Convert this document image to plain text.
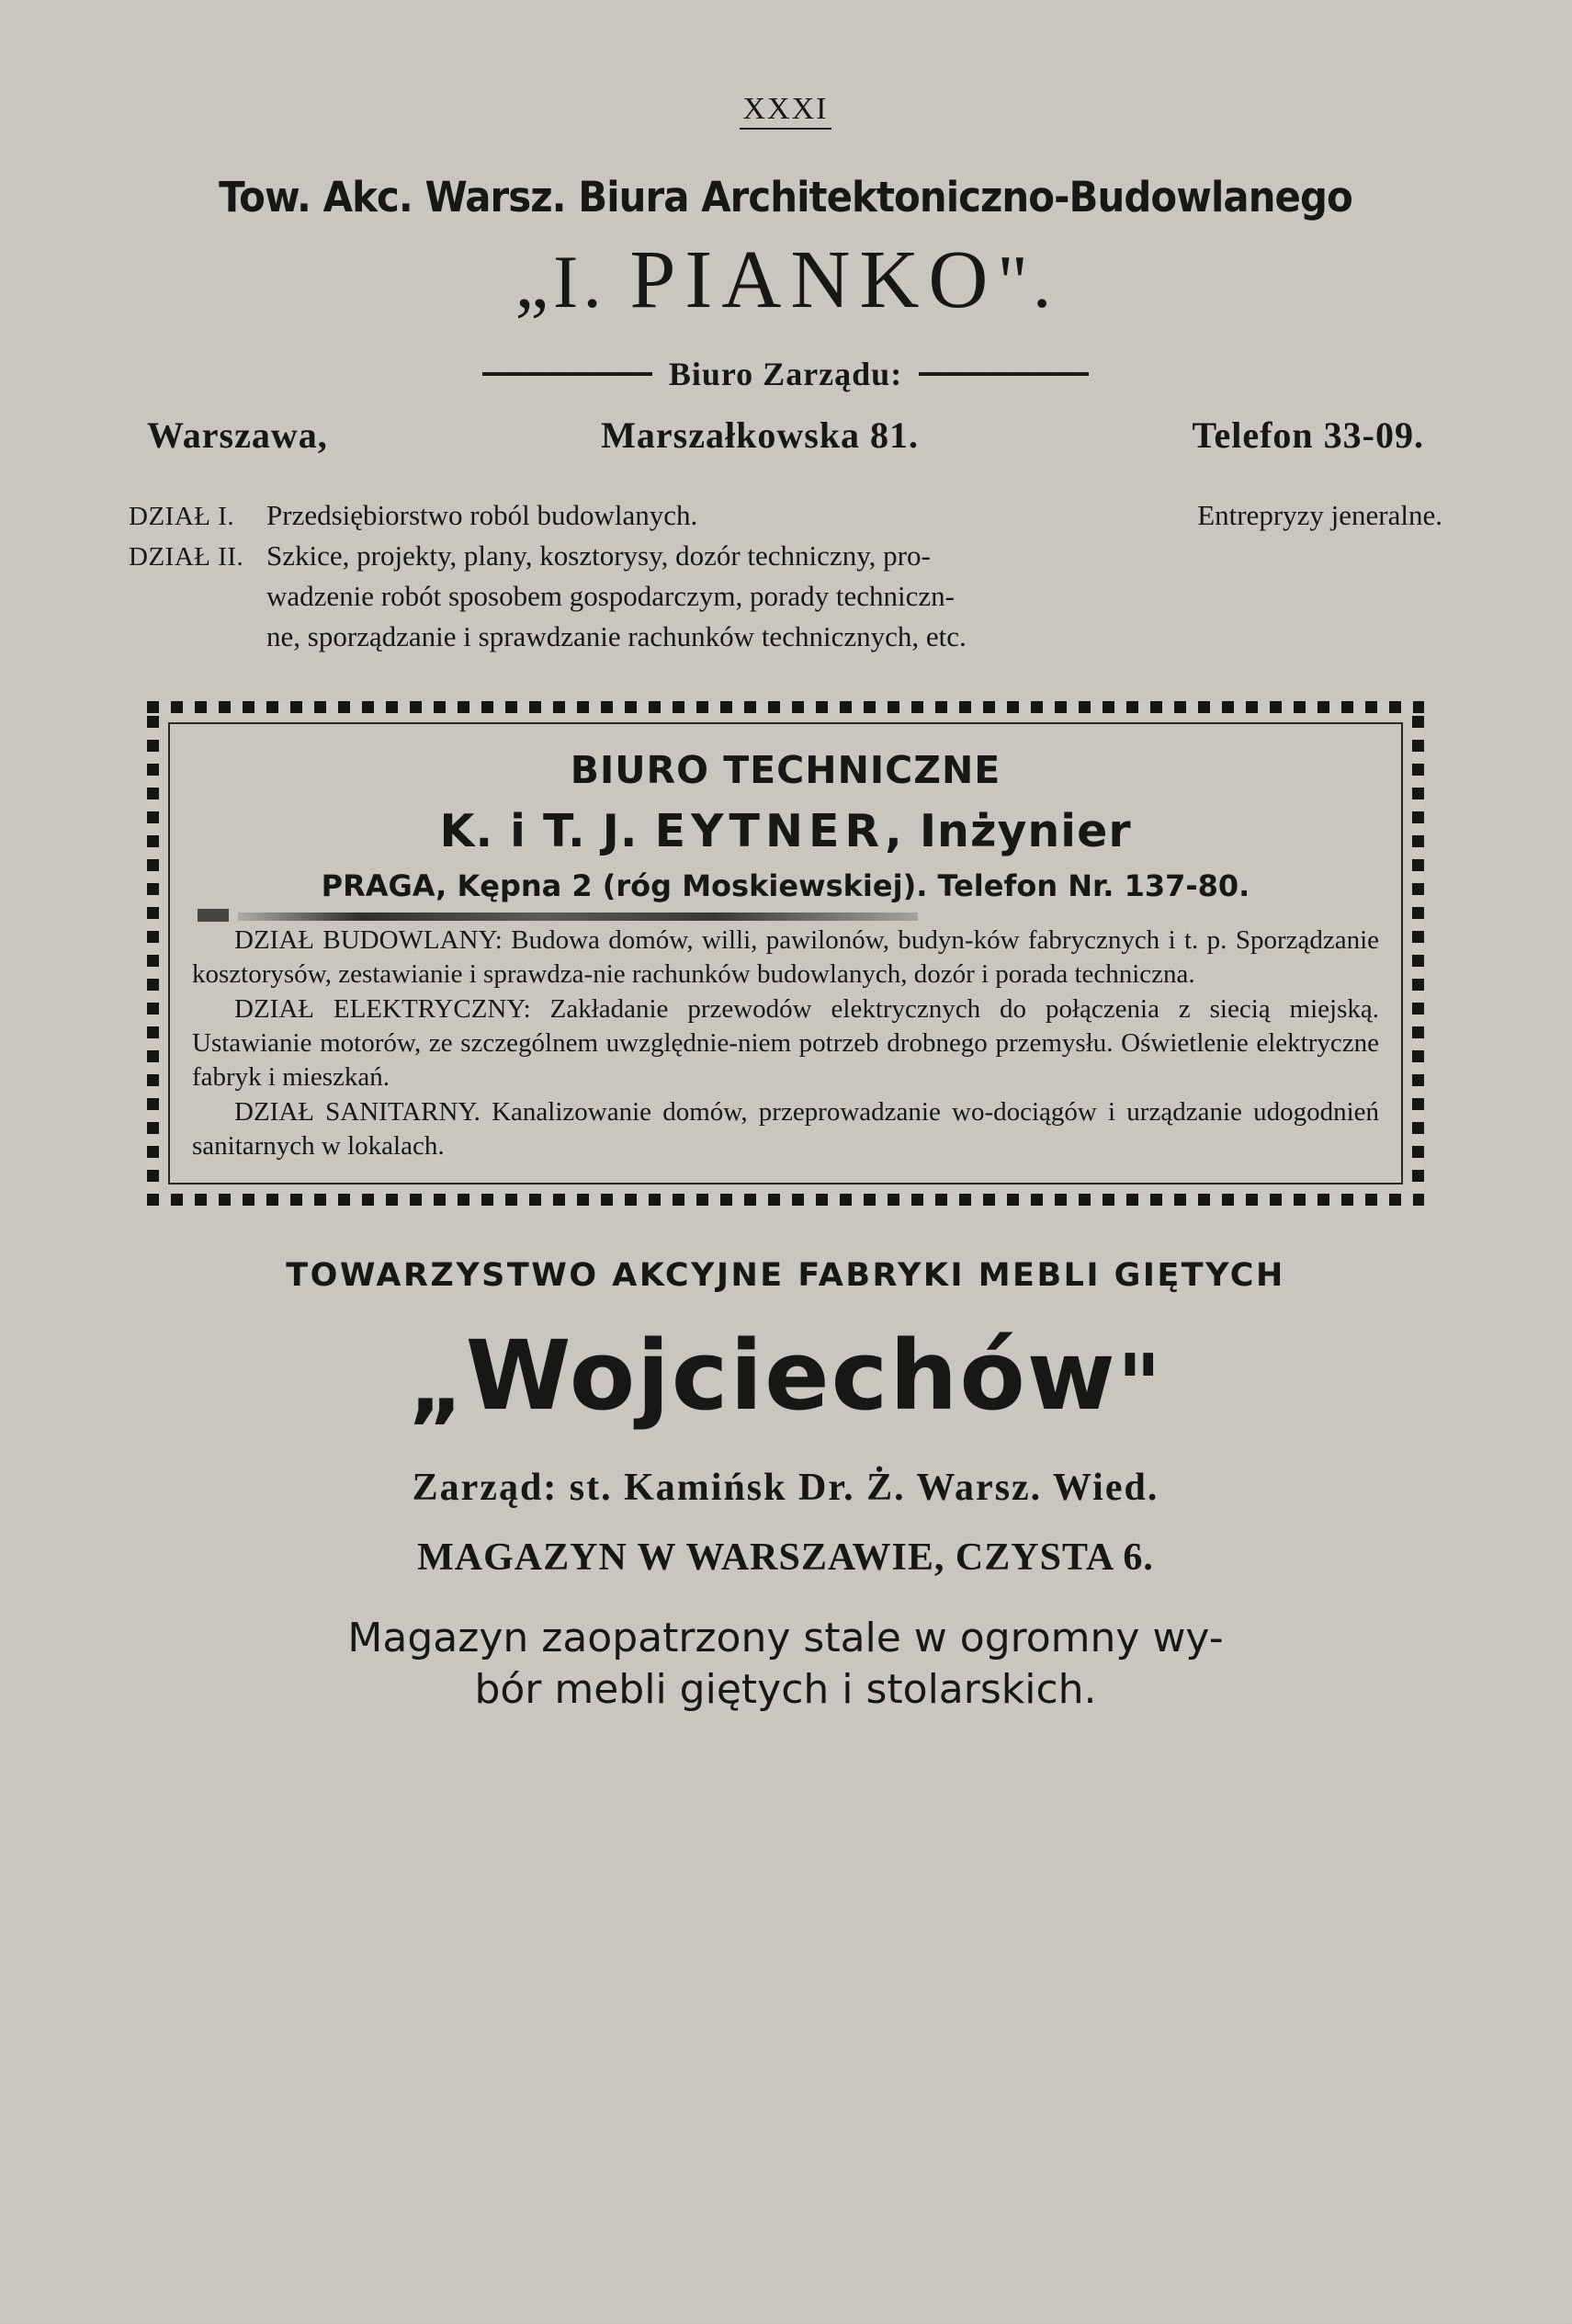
XXXI
Tow. Akc. Warsz. Biura Architektoniczno-Budowlanego
„I. PIANKO".
Biuro Zarządu:
Warszawa,	Marszałkowska 81.	Telefon 33-09.
DZIAŁ I.	Przedsiębiorstwo roból budowlanych.	Entrepryzy jeneralne.
DZIAŁ II. Szkice, projekty, plany, kosztorysy, dozór techniczny, pro-

wadzenie robót sposobem gospodarczym, porady techniczn-

ne, sporządzanie i sprawdzanie rachunków technicznych, etc.

BIURO TECHNICZNE
K. i T. J. EYTNER, Inżynier
PRAGA, Kępna 2 (róg Moskiewskiej). Telefon Nr. 137-80.

DZIAŁ BUDOWLANY: Budowa domów, willi, pawilonów, budyn-ków fabrycznych i t. p. Sporządzanie kosztorysów, zestawianie i sprawdza-nie rachunków budowlanych, dozór i porada techniczna.

DZIAŁ ELEKTRYCZNY: Zakładanie przewodów elektrycznych do połączenia z siecią miejską. Ustawianie motorów, ze szczególnem uwzględnie-niem potrzeb drobnego przemysłu. Oświetlenie elektryczne fabryk i mieszkań.

DZIAŁ SANITARNY. Kanalizowanie domów, przeprowadzanie wo-dociągów i urządzanie udogodnień sanitarnych w lokalach.

TOWARZYSTWO AKCYJNE FABRYKI MEBLI GIĘTYCH
„Wojciechów"
Zarząd: st. Kamińsk Dr. Ż. Warsz. Wied.
MAGAZYN W WARSZAWIE, CZYSTA 6.
Magazyn zaopatrzony stale w ogromny wy-
bór mebli giętych i stolarskich.
